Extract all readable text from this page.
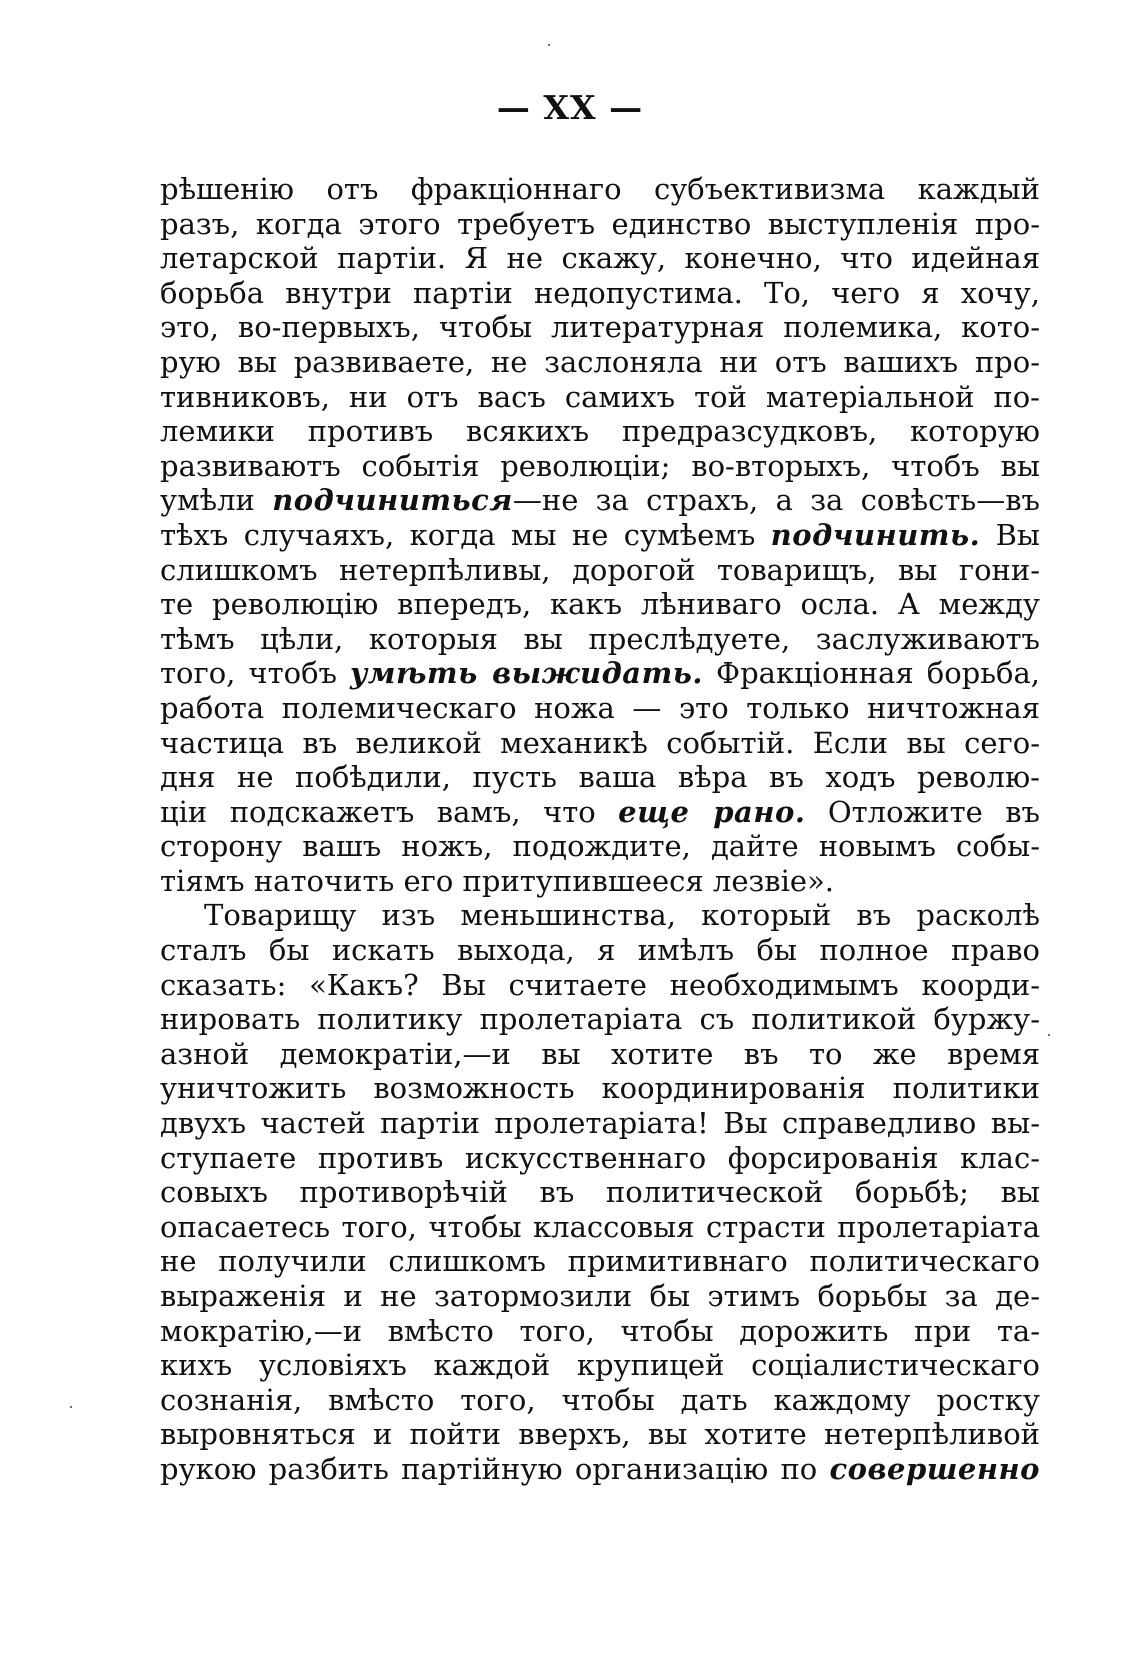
— XX —
рѣшенію отъ фракціоннаго субъективизма каждый
разъ, когда этого требуетъ единство выступленія про-
летарской партіи. Я не скажу, конечно, что идейная
борьба внутри партіи недопустима. То, чего я хочу,
это, во-первыхъ, чтобы литературная полемика, кото-
рую вы развиваете, не заслоняла ни отъ вашихъ про-
тивниковъ, ни отъ васъ самихъ той матеріальной по-
лемики противъ всякихъ предразсудковъ, которую
развиваютъ событія революціи; во-вторыхъ, чтобъ вы
умѣли подчиниться—не за страхъ, а за совѣсть—въ
тѣхъ случаяхъ, когда мы не сумѣемъ подчинить. Вы
слишкомъ нетерпѣливы, дорогой товарищъ, вы гони-
те революцію впередъ, какъ лѣниваго осла. А между
тѣмъ цѣли, которыя вы преслѣдуете, заслуживаютъ
того, чтобъ умѣть выжидать. Фракціонная борьба,
работа полемическаго ножа — это только ничтожная
частица въ великой механикѣ событій. Если вы сего-
дня не побѣдили, пусть ваша вѣра въ ходъ револю-
ціи подскажетъ вамъ, что еще рано. Отложите въ
сторону вашъ ножъ, подождите, дайте новымъ собы-
тіямъ наточить его притупившееся лезвіе».
Товарищу изъ меньшинства, который въ расколѣ
сталъ бы искать выхода, я имѣлъ бы полное право
сказать: «Какъ? Вы считаете необходимымъ коорди-
нировать политику пролетаріата съ политикой буржу-
азной демократіи,—и вы хотите въ то же время
уничтожить возможность координированія политики
двухъ частей партіи пролетаріата! Вы справедливо вы-
ступаете противъ искусственнаго форсированія клас-
совыхъ противорѣчій въ политической борьбѣ; вы
опасаетесь того, чтобы классовыя страсти пролетаріата
не получили слишкомъ примитивнаго политическаго
выраженія и не затормозили бы этимъ борьбы за де-
мократію,—и вмѣсто того, чтобы дорожить при та-
кихъ условіяхъ каждой крупицей соціалистическаго
сознанія, вмѣсто того, чтобы дать каждому ростку
выровняться и пойти вверхъ, вы хотите нетерпѣливой
рукою разбить партійную организацію по совершенно
